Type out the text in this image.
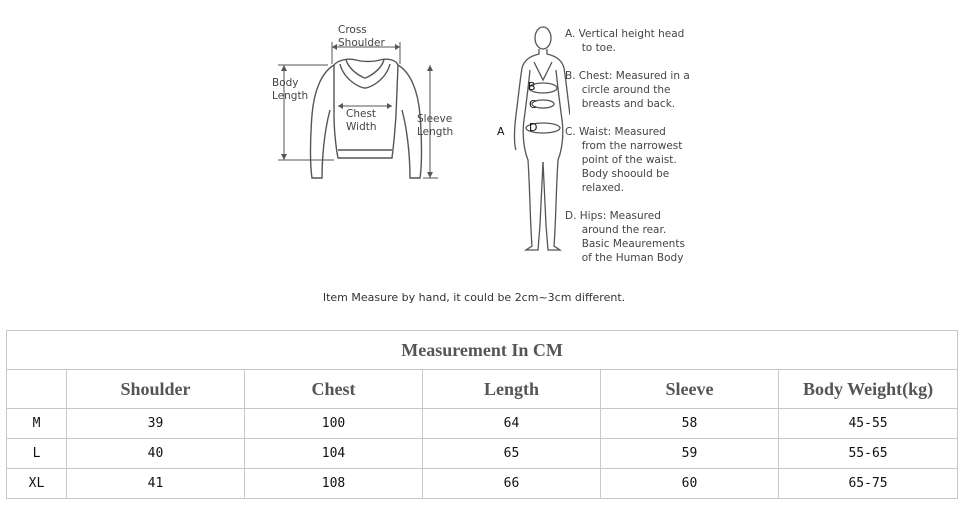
Cross
Shoulder
Body
Length
Chest
Width
Sleeve
Length
B
C
D
A
A. Vertical height head
to toe.
B. Chest: Measured in a
circle around the
breasts and back.
C. Waist: Measured
from the narrowest
point of the waist.
Body shoould be
relaxed.
D. Hips: Measured
around the rear.
Basic Meaurements
of the Human Body
Item Measure by hand, it could be 2cm~3cm different.
Measurement In CM					
	Shoulder	Chest	Length	Sleeve	Body Weight(kg)
M	39	100	64	58	45-55
L	40	104	65	59	55-65
XL	41	108	66	60	65-75
